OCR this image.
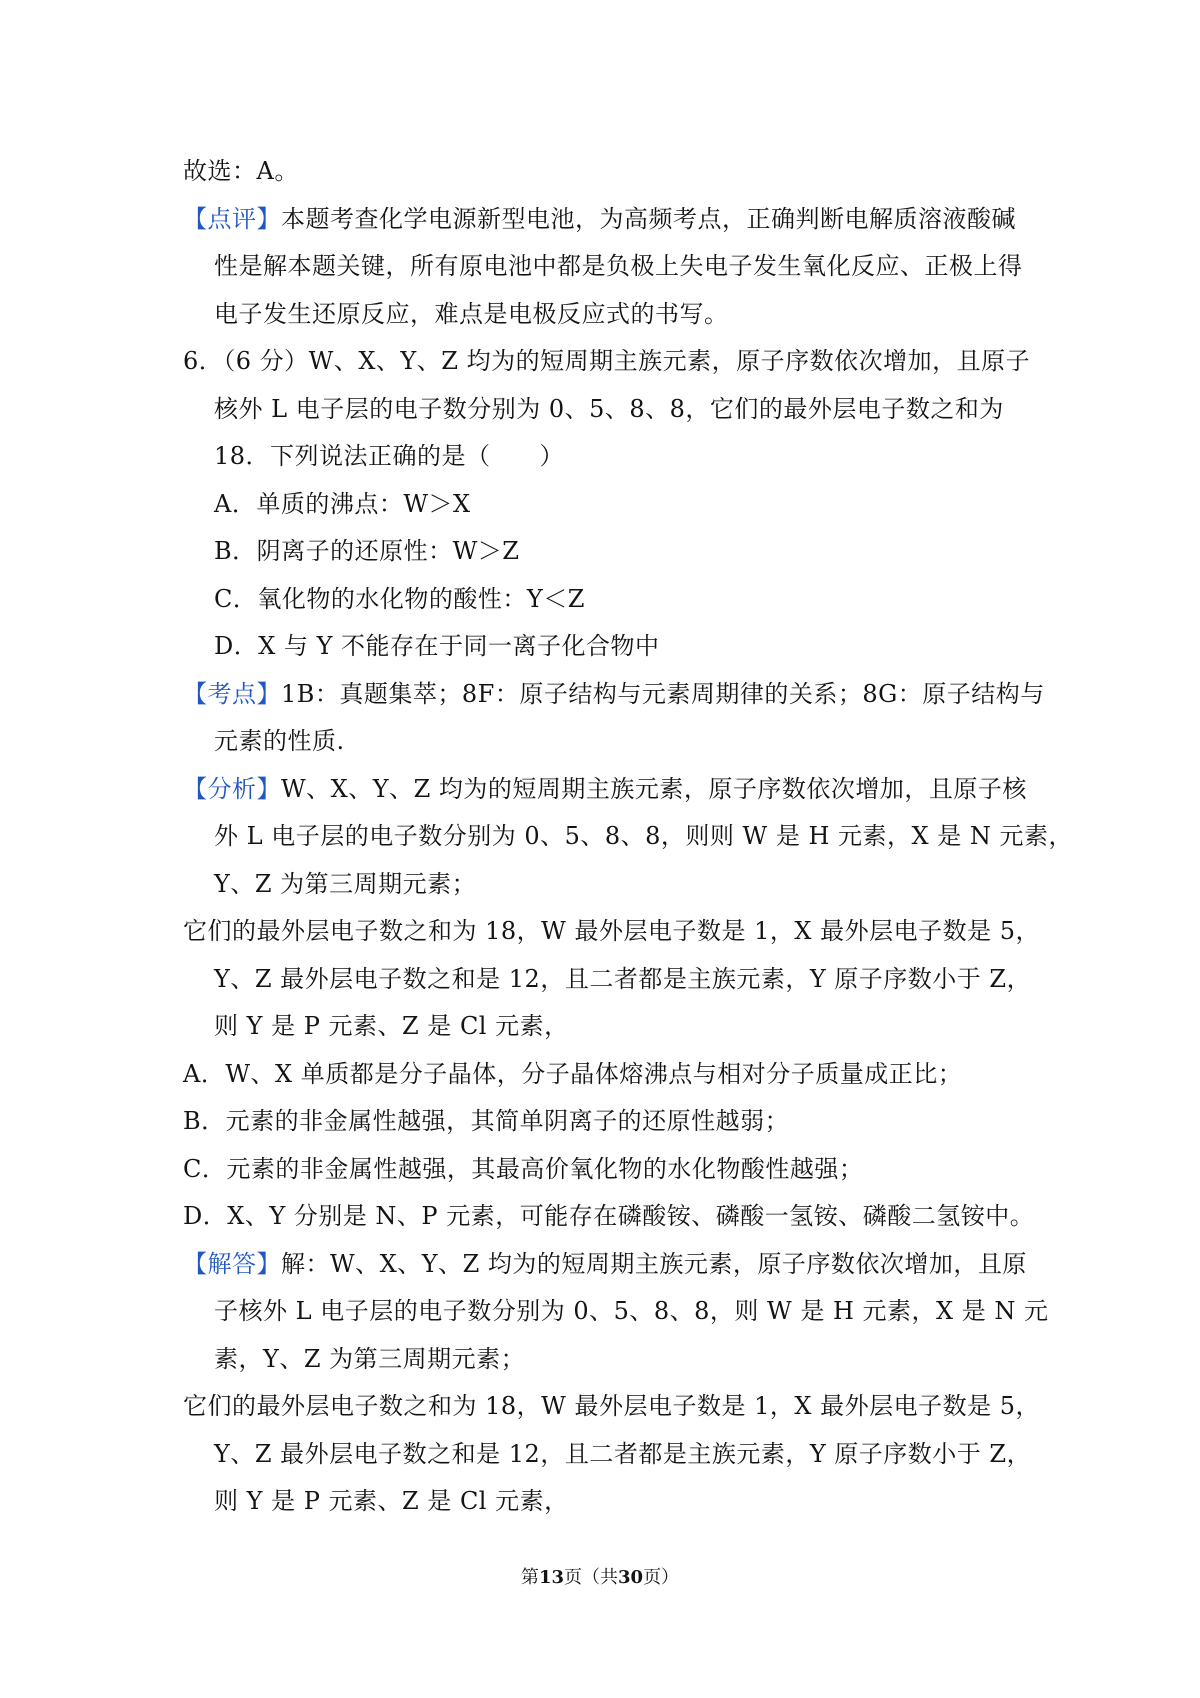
故选：A。
【点评】本题考查化学电源新型电池，为高频考点，正确判断电解质溶液酸碱
性是解本题关键，所有原电池中都是负极上失电子发生氧化反应、正极上得
电子发生还原反应，难点是电极反应式的书写。
6．（6 分）W、X、Y、Z 均为的短周期主族元素，原子序数依次增加，且原子
核外 L 电子层的电子数分别为 0、5、8、8，它们的最外层电子数之和为
18．下列说法正确的是（　　）
A．单质的沸点：W＞X
B．阴离子的还原性：W＞Z
C．氧化物的水化物的酸性：Y＜Z
D．X 与 Y 不能存在于同一离子化合物中
【考点】1B：真题集萃；8F：原子结构与元素周期律的关系；8G：原子结构与
元素的性质.
【分析】W、X、Y、Z 均为的短周期主族元素，原子序数依次增加，且原子核
外 L 电子层的电子数分别为 0、5、8、8，则则 W 是 H 元素，X 是 N 元素，
Y、Z 为第三周期元素；
它们的最外层电子数之和为 18，W 最外层电子数是 1，X 最外层电子数是 5，
Y、Z 最外层电子数之和是 12，且二者都是主族元素，Y 原子序数小于 Z，
则 Y 是 P 元素、Z 是 Cl 元素，
A．W、X 单质都是分子晶体，分子晶体熔沸点与相对分子质量成正比；
B．元素的非金属性越强，其简单阴离子的还原性越弱；
C．元素的非金属性越强，其最高价氧化物的水化物酸性越强；
D．X、Y 分别是 N、P 元素，可能存在磷酸铵、磷酸一氢铵、磷酸二氢铵中。
【解答】解：W、X、Y、Z 均为的短周期主族元素，原子序数依次增加，且原
子核外 L 电子层的电子数分别为 0、5、8、8，则 W 是 H 元素，X 是 N 元
素，Y、Z 为第三周期元素；
它们的最外层电子数之和为 18，W 最外层电子数是 1，X 最外层电子数是 5，
Y、Z 最外层电子数之和是 12，且二者都是主族元素，Y 原子序数小于 Z，
则 Y 是 P 元素、Z 是 Cl 元素，
第13页（共30页）
